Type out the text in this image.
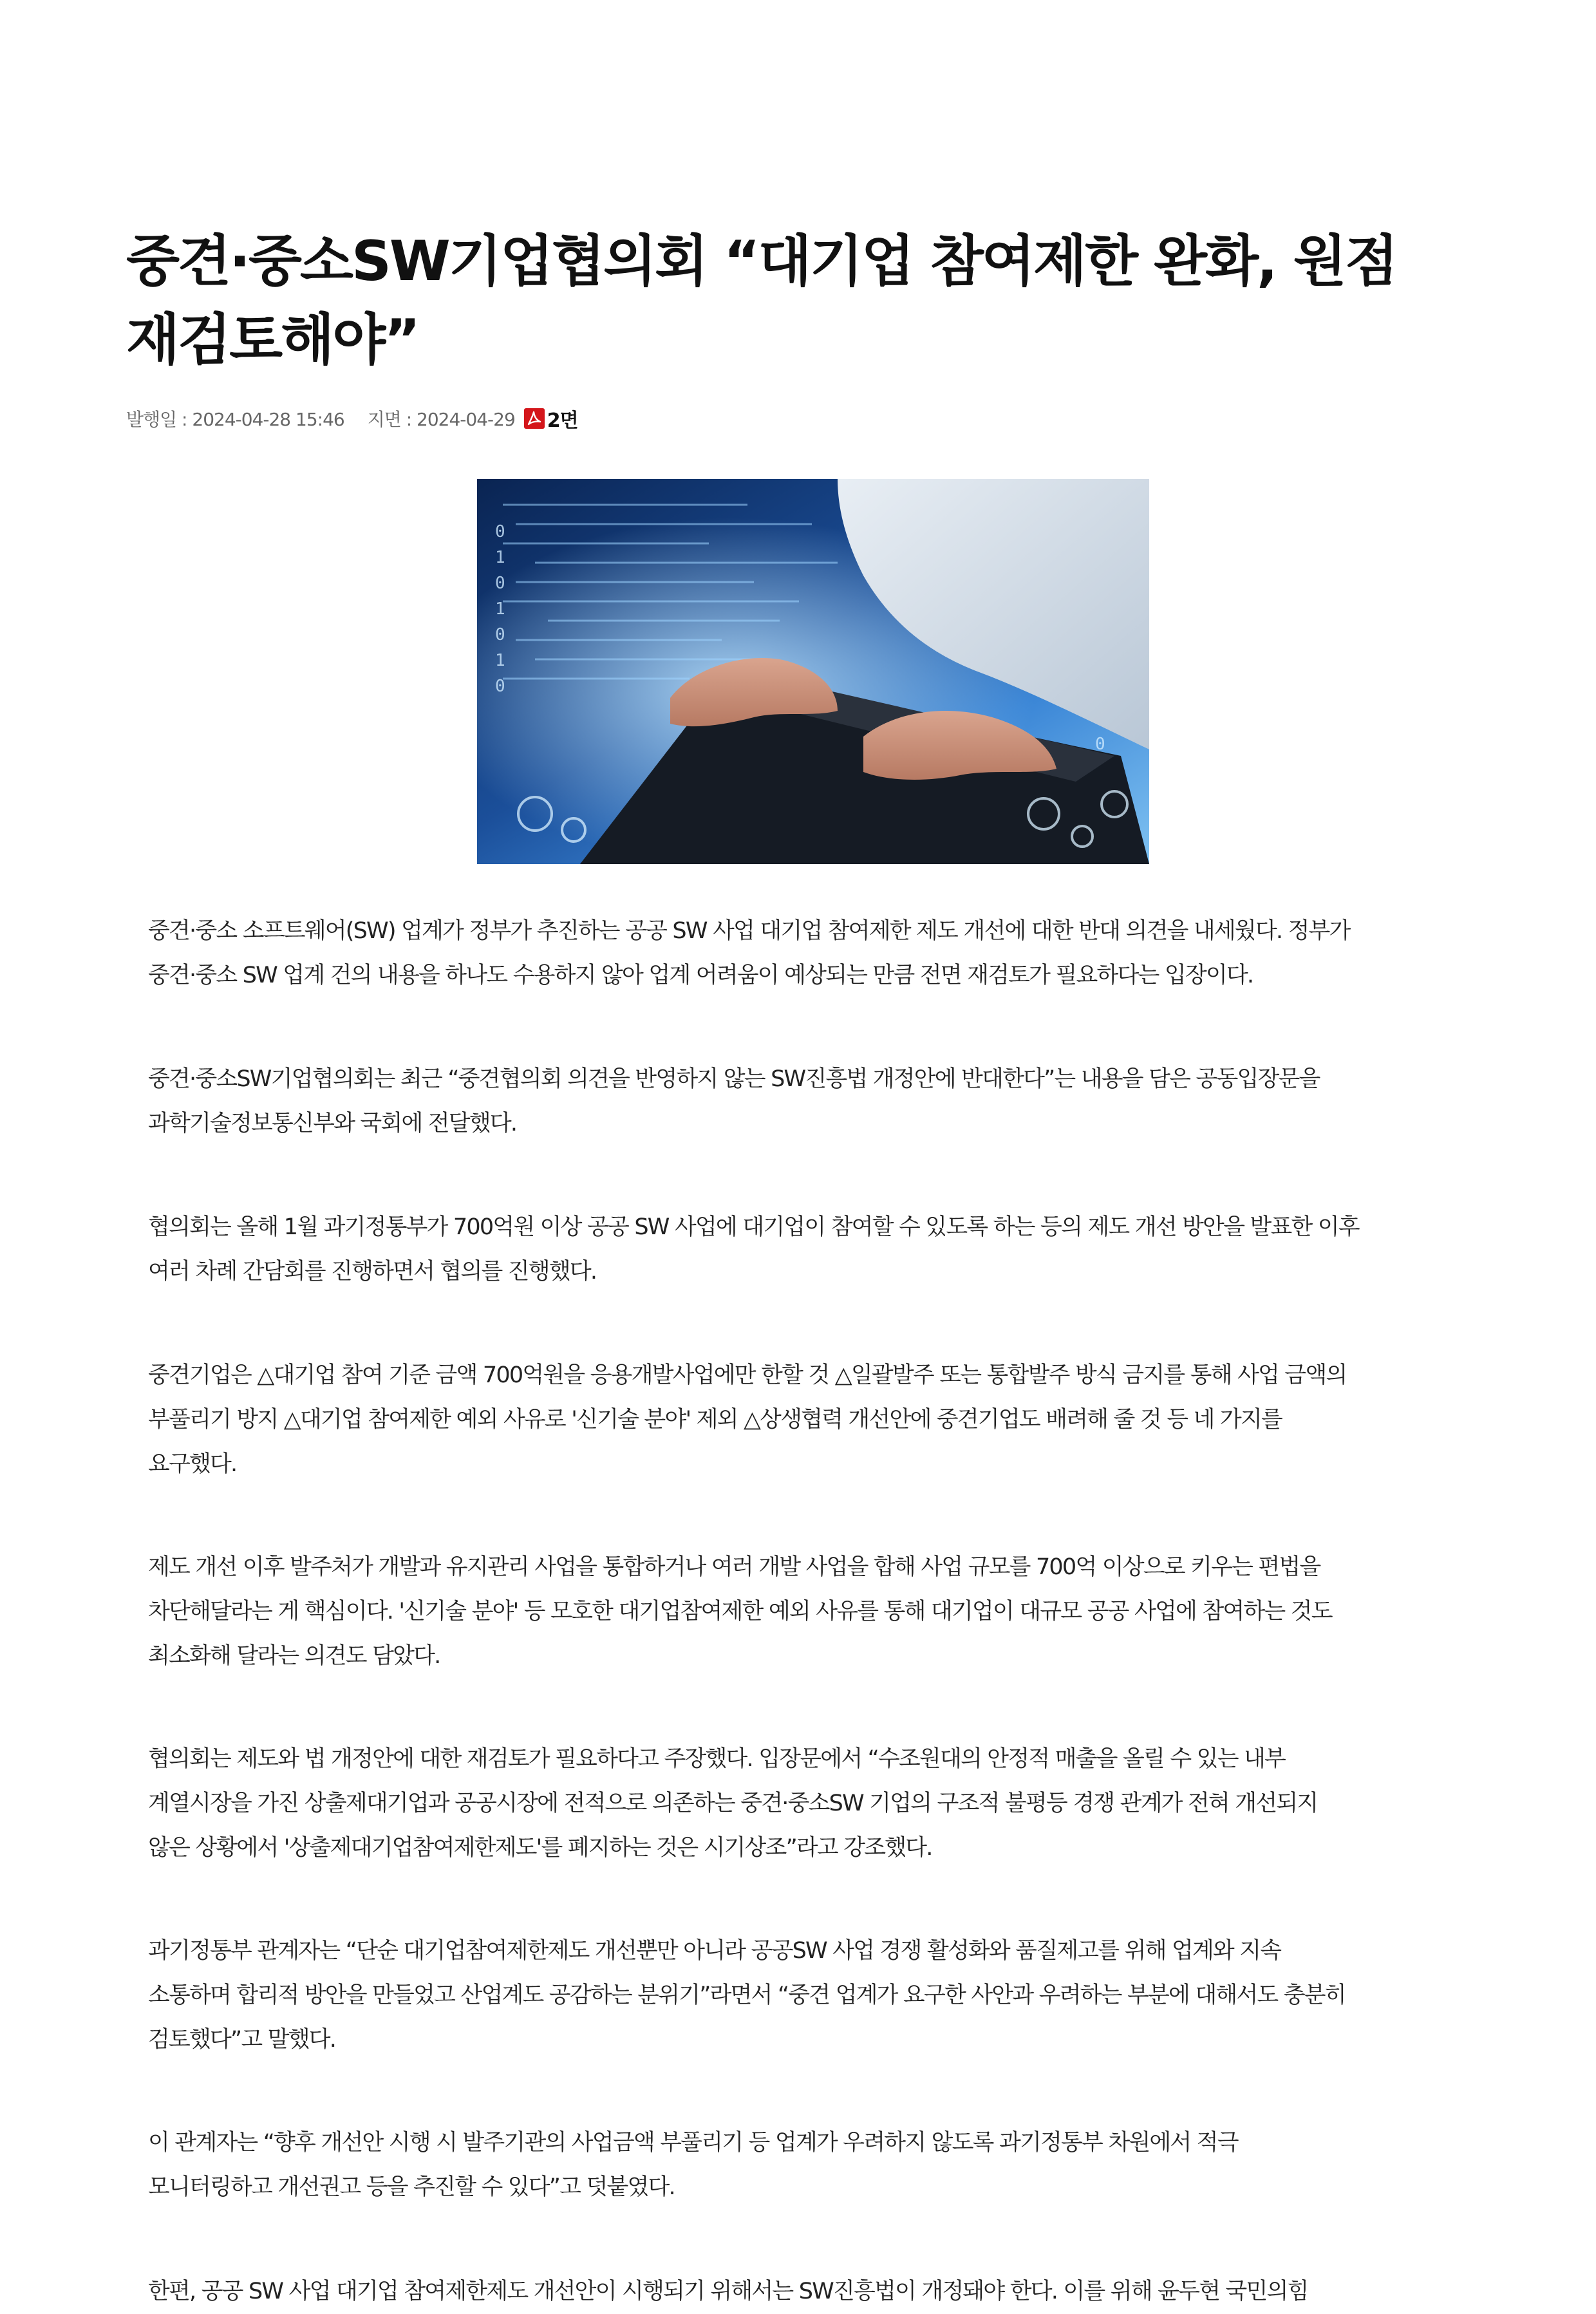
중견·중소SW기업협의회 “대기업 참여제한 완화, 원점
재검토해야”
발행일 : 2024-04-28 15:46 지면 : 2024-04-29 2면
0
1
0
1
0
1
0
0

중견·중소 소프트웨어(SW) 업계가 정부가 추진하는 공공 SW 사업 대기업 참여제한 제도 개선에 대한 반대 의견을 내세웠다. 정부가
중견·중소 SW 업계 건의 내용을 하나도 수용하지 않아 업계 어려움이 예상되는 만큼 전면 재검토가 필요하다는 입장이다.

중견·중소SW기업협의회는 최근 “중견협의회 의견을 반영하지 않는 SW진흥법 개정안에 반대한다”는 내용을 담은 공동입장문을
과학기술정보통신부와 국회에 전달했다.

협의회는 올해 1월 과기정통부가 700억원 이상 공공 SW 사업에 대기업이 참여할 수 있도록 하는 등의 제도 개선 방안을 발표한 이후
여러 차례 간담회를 진행하면서 협의를 진행했다.

중견기업은 △대기업 참여 기준 금액 700억원을 응용개발사업에만 한할 것 △일괄발주 또는 통합발주 방식 금지를 통해 사업 금액의
부풀리기 방지 △대기업 참여제한 예외 사유로 '신기술 분야' 제외 △상생협력 개선안에 중견기업도 배려해 줄 것 등 네 가지를
요구했다.

제도 개선 이후 발주처가 개발과 유지관리 사업을 통합하거나 여러 개발 사업을 합해 사업 규모를 700억 이상으로 키우는 편법을
차단해달라는 게 핵심이다. '신기술 분야' 등 모호한 대기업참여제한 예외 사유를 통해 대기업이 대규모 공공 사업에 참여하는 것도
최소화해 달라는 의견도 담았다.

협의회는 제도와 법 개정안에 대한 재검토가 필요하다고 주장했다. 입장문에서 “수조원대의 안정적 매출을 올릴 수 있는 내부
계열시장을 가진 상출제대기업과 공공시장에 전적으로 의존하는 중견·중소SW 기업의 구조적 불평등 경쟁 관계가 전혀 개선되지
않은 상황에서 '상출제대기업참여제한제도'를 폐지하는 것은 시기상조”라고 강조했다.

과기정통부 관계자는 “단순 대기업참여제한제도 개선뿐만 아니라 공공SW 사업 경쟁 활성화와 품질제고를 위해 업계와 지속
소통하며 합리적 방안을 만들었고 산업계도 공감하는 분위기”라면서 “중견 업계가 요구한 사안과 우려하는 부분에 대해서도 충분히
검토했다”고 말했다.

이 관계자는 “향후 개선안 시행 시 발주기관의 사업금액 부풀리기 등 업계가 우려하지 않도록 과기정통부 차원에서 적극
모니터링하고 개선권고 등을 추진할 수 있다”고 덧붙였다.

한편, 공공 SW 사업 대기업 참여제한제도 개선안이 시행되기 위해서는 SW진흥법이 개정돼야 한다. 이를 위해 윤두현 국민의힘
